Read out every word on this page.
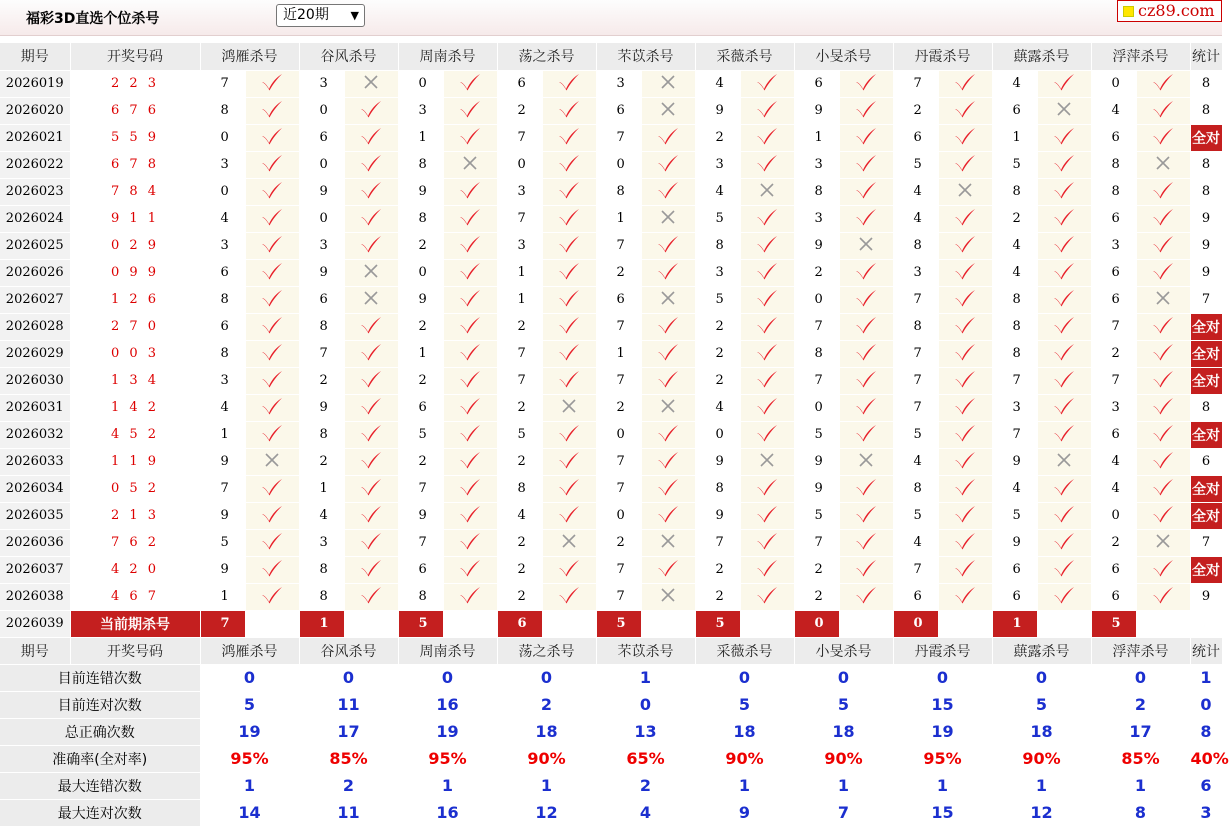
福彩3D直选个位杀号	近20期 ▼	cz89.com
期号	开奖号码	鸿雁杀号		谷风杀号		周南杀号		荡之杀号		芣苡杀号		采薇杀号		小旻杀号		丹霞杀号		蕻露杀号		浮萍杀号		统计
2026019	2 2 3	7		3		0		6		3		4		6		7		4		0		8
2026020	6 7 6	8		0		3		2		6		9		9		2		6		4		8
2026021	5 5 9	0		6		1		7		7		2		1		6		1		6		全对
2026022	6 7 8	3		0		8		0		0		3		3		5		5		8		8
2026023	7 8 4	0		9		9		3		8		4		8		4		8		8		8
2026024	9 1 1	4		0		8		7		1		5		3		4		2		6		9
2026025	0 2 9	3		3		2		3		7		8		9		8		4		3		9
2026026	0 9 9	6		9		0		1		2		3		2		3		4		6		9
2026027	1 2 6	8		6		9		1		6		5		0		7		8		6		7
2026028	2 7 0	6		8		2		2		7		2		7		8		8		7		全对
2026029	0 0 3	8		7		1		7		1		2		8		7		8		2		全对
2026030	1 3 4	3		2		2		7		7		2		7		7		7		7		全对
2026031	1 4 2	4		9		6		2		2		4		0		7		3		3		8
2026032	4 5 2	1		8		5		5		0		0		5		5		7		6		全对
2026033	1 1 9	9		2		2		2		7		9		9		4		9		4		6
2026034	0 5 2	7		1		7		8		7		8		9		8		4		4		全对
2026035	2 1 3	9		4		9		4		0		9		5		5		5		0		全对
2026036	7 6 2	5		3		7		2		2		7		7		4		9		2		7
2026037	4 2 0	9		8		6		2		7		2		2		7		6		6		全对
2026038	4 6 7	1		8		8		2		7		2		2		6		6		6		9
2026039	当前期杀号	7		1		5		6		5		5		0		0		1		5		
期号	开奖号码	鸿雁杀号		谷风杀号		周南杀号		荡之杀号		芣苡杀号		采薇杀号		小旻杀号		丹霞杀号		蕻露杀号		浮萍杀号		统计
目前连错次数		0		0		0		0		1		0		0		0		0		0		1
目前连对次数		5		11		16		2		0		5		5		15		5		2		0
总正确次数		19		17		19		18		13		18		18		19		18		17		8
准确率(全对率)		95%		85%		95%		90%		65%		90%		90%		95%		90%		85%		40%
最大连错次数		1		2		1		1		2		1		1		1		1		1		6
最大连对次数		14		11		16		12		4		9		7		15		12		8		3
